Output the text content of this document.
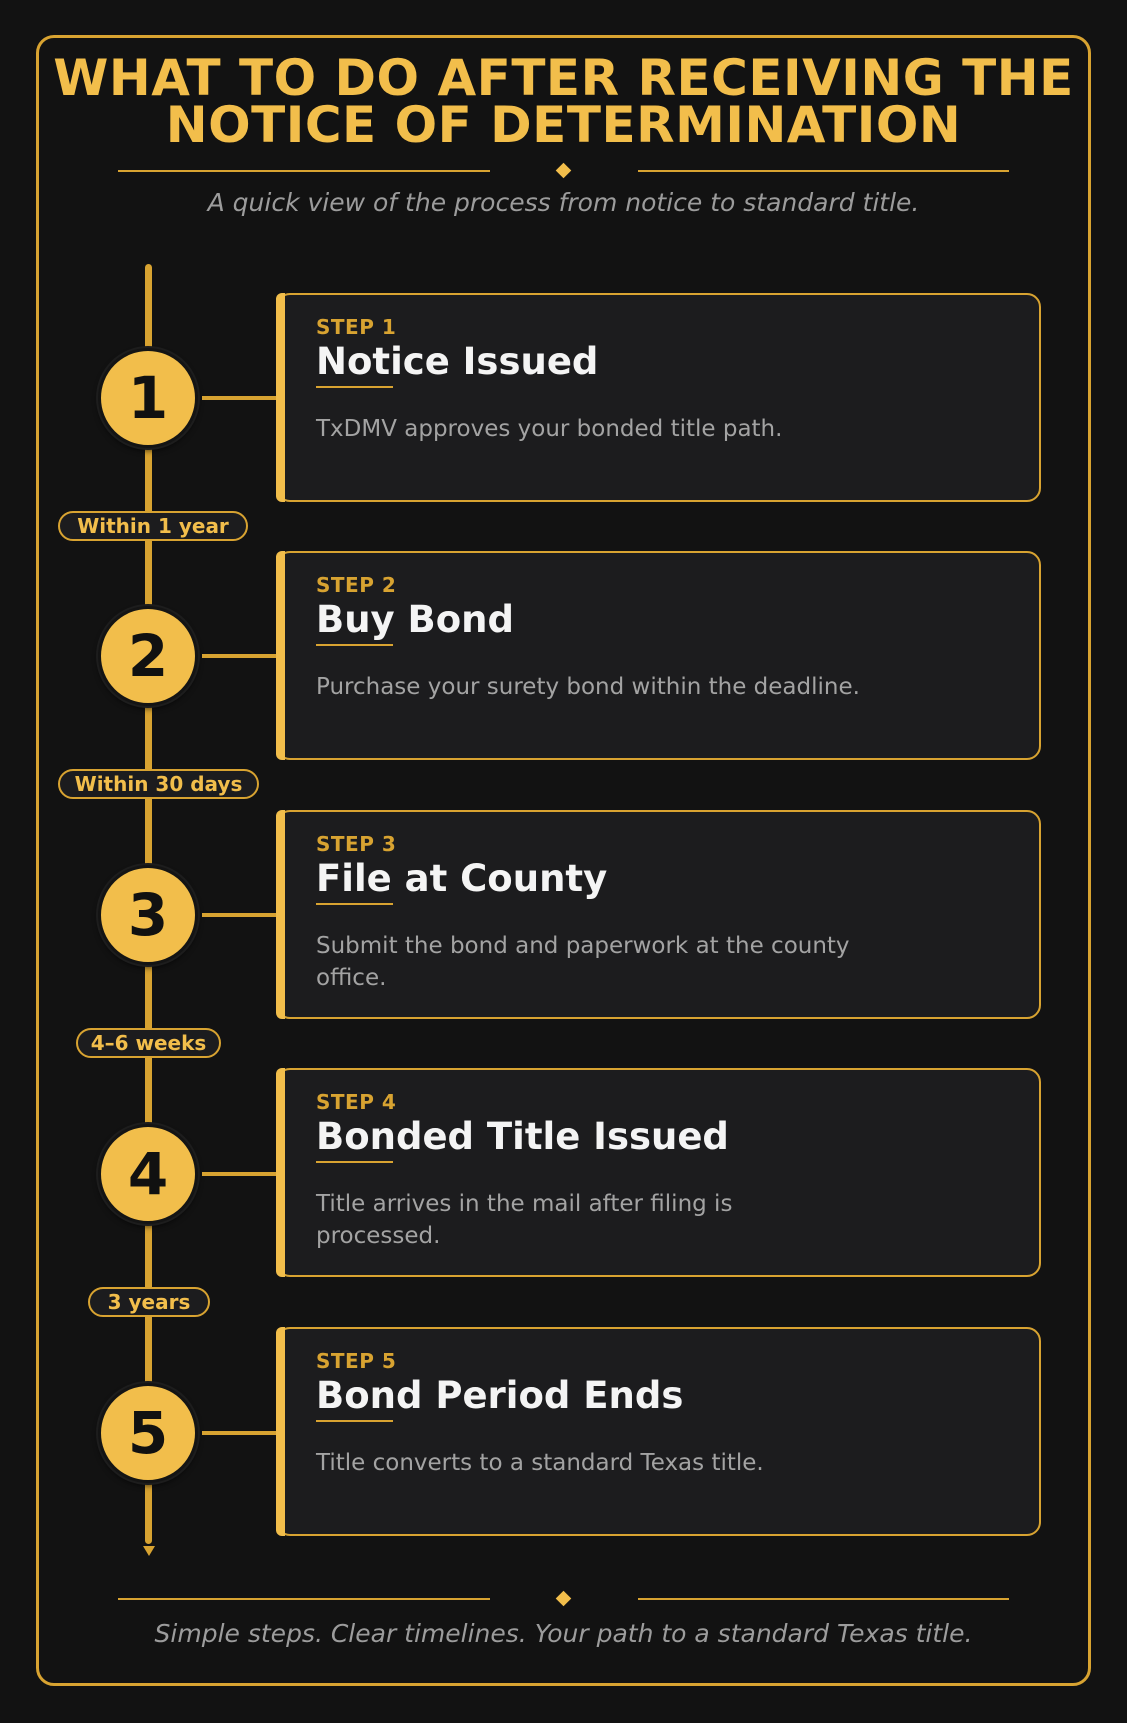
WHAT TO DO AFTER RECEIVING THE
NOTICE OF DETERMINATION
A quick view of the process from notice to standard title.
1
STEP 1
Notice Issued
TxDMV approves your bonded title path.
Within 1 year
2
STEP 2
Buy Bond
Purchase your surety bond within the deadline.
Within 30 days
3
STEP 3
File at County
Submit the bond and paperwork at the county office.
4–6 weeks
4
STEP 4
Bonded Title Issued
Title arrives in the mail after filing is processed.
3 years
5
STEP 5
Bond Period Ends
Title converts to a standard Texas title.
Simple steps. Clear timelines. Your path to a standard Texas title.
